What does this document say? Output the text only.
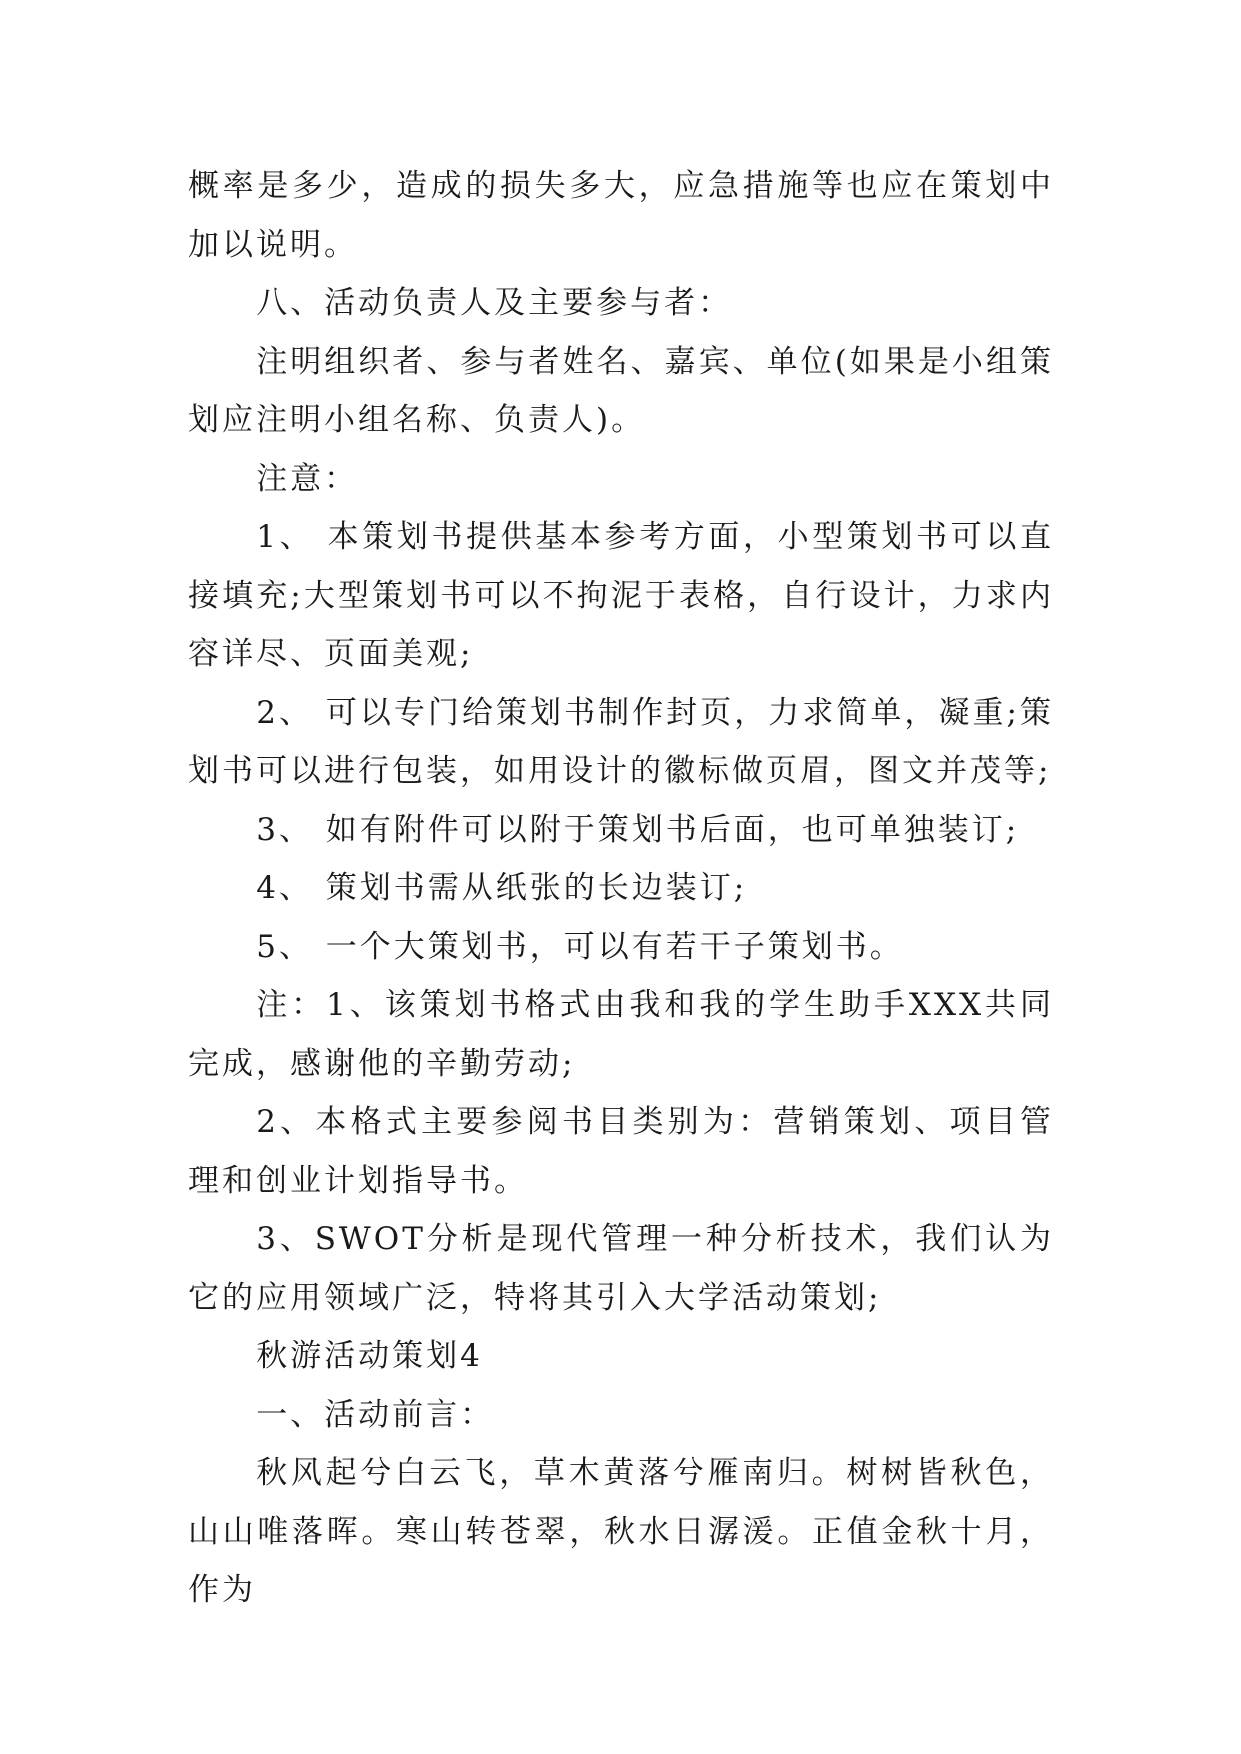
概率是多少，造成的损失多大，应急措施等也应在策划中加以说明。

八、活动负责人及主要参与者：

注明组织者、参与者姓名、嘉宾、单位(如果是小组策划应注明小组名称、负责人)。

注意：

1、 本策划书提供基本参考方面，小型策划书可以直接填充;大型策划书可以不拘泥于表格，自行设计，力求内容详尽、页面美观;

2、 可以专门给策划书制作封页，力求简单，凝重;策划书可以进行包装，如用设计的徽标做页眉，图文并茂等;

3、 如有附件可以附于策划书后面，也可单独装订;

4、 策划书需从纸张的长边装订;

5、 一个大策划书，可以有若干子策划书。

注：1、该策划书格式由我和我的学生助手XXX共同完成，感谢他的辛勤劳动;

2、本格式主要参阅书目类别为：营销策划、项目管理和创业计划指导书。

3、SWOT分析是现代管理一种分析技术，我们认为它的应用领域广泛，特将其引入大学活动策划;

秋游活动策划4

一、活动前言：

秋风起兮白云飞，草木黄落兮雁南归。树树皆秋色，山山唯落晖。寒山转苍翠，秋水日潺湲。正值金秋十月，作为
